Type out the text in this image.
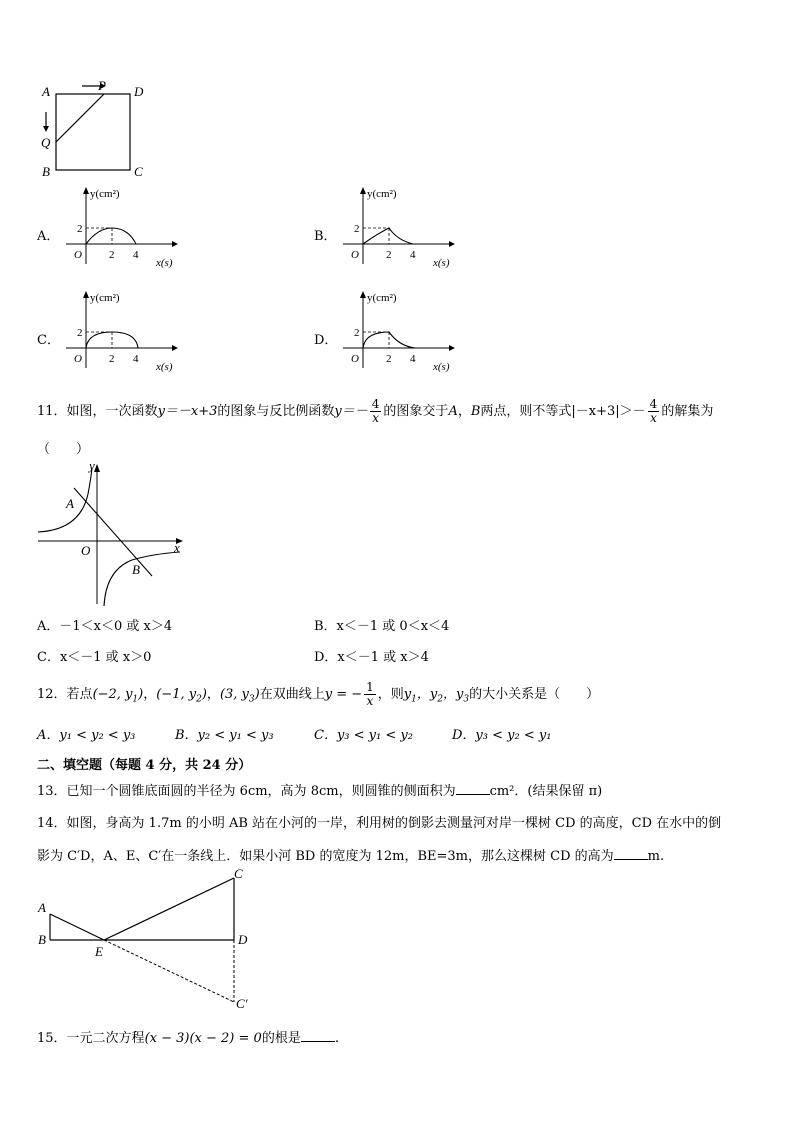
A	P D
Q
B	C
A．	B．
C．	D．
y(cm²)
2
O 2 4
x(s)
y(cm²)
2
O 2 4
x(s)
y(cm²)
2
O 2 4
x(s)
y(cm²)
2
O 2 4
x(s)
11．如图，一次函数y＝－x+3的图象与反比例函数$y=- \frac{4}{x}$ 的图象交于A，B两点，则不等式$|-x+3|>- \frac{4}{x}$ 的解集为
（　　）
y
A
O	x
B
A．－1＜x＜0 或 x＞4	B．x＜－1 或 0＜x＜4
C．x＜－1 或 x＞0	D．x＜－1 或 x＞4
12．若点(−2, $y_1$)，(−1, $y_2$)，(3, $y_3$)在双曲线上y = − $\frac{1}{x}$ ，则$y_1$，$y_2$，$y_3$的大小关系是（　　）
A．y₁ < y₂ < y₃	B．y₂ < y₁ < y₃	C．y₃ < y₁ < y₂	D．y₃ < y₂ < y₁
二、填空题（每题 4 分，共 24 分）
13．已知一个圆锥底面圆的半径为 6cm，高为 8cm，则圆锥的侧面积为	cm²．(结果保留 π)
14．如图，身高为 1.7m 的小明 AB 站在小河的一岸，利用树的倒影去测量河对岸一棵树 CD 的高度，CD 在水中的倒
影为 C′D，A、E、C′在一条线上．如果小河 BD 的宽度为 12m，BE=3m，那么这棵树 CD 的高为	m.
A
B
E
C
D
C′
15．一元二次方程(x − 3)(x − 2) = 0的根是	.
